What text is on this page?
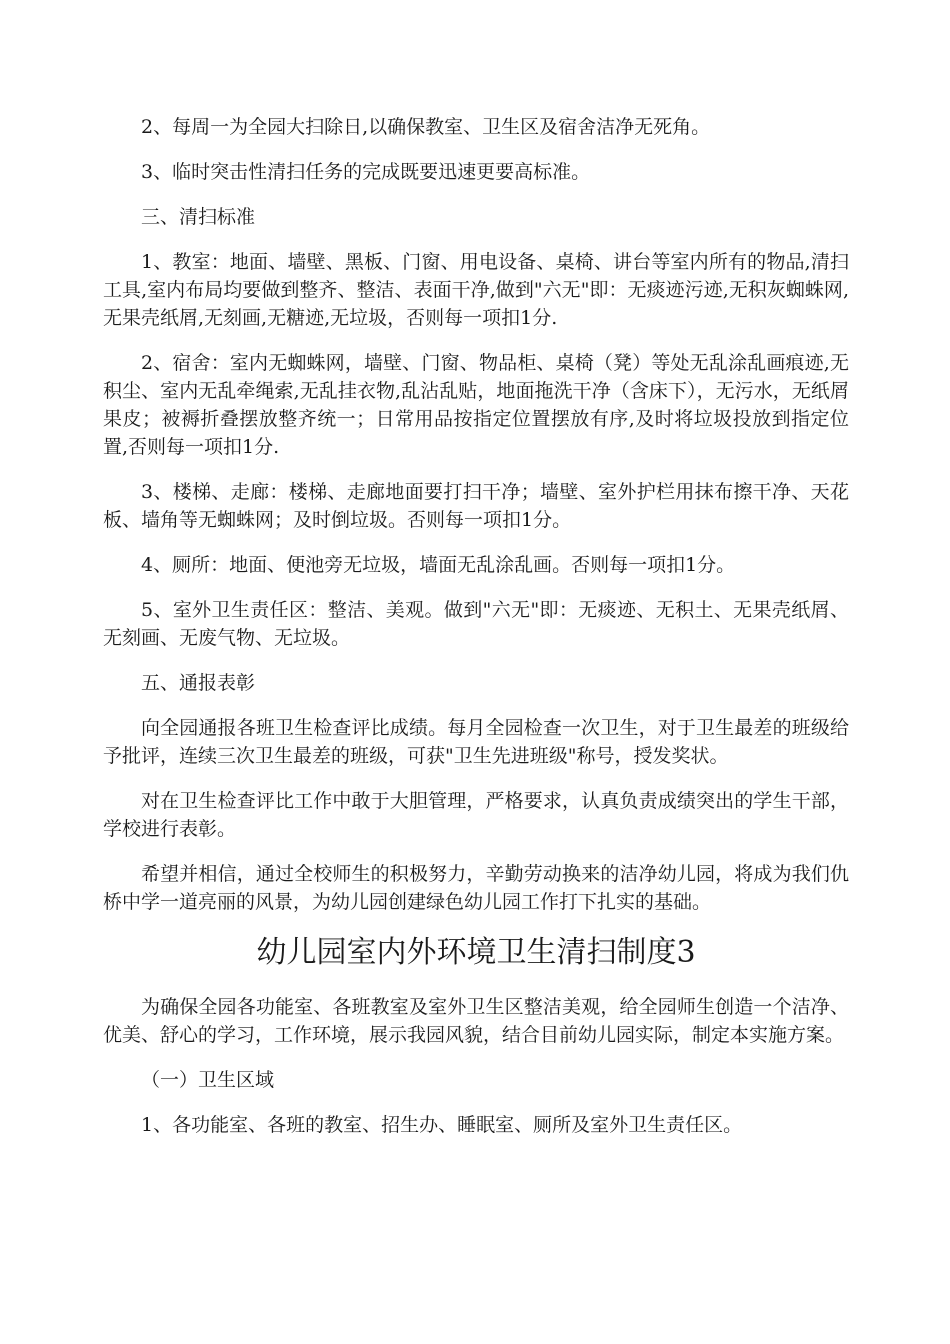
2、每周一为全园大扫除日,以确保教室、卫生区及宿舍洁净无死角。

3、临时突击性清扫任务的完成既要迅速更要高标准。

三、清扫标准

1、教室：地面、墙壁、黑板、门窗、用电设备、桌椅、讲台等室内所有的物品,清扫工具,室内布局均要做到整齐、整洁、表面干净,做到"六无"即：无痰迹污迹,无积灰蜘蛛网,无果壳纸屑,无刻画,无糖迹,无垃圾，否则每一项扣1分.

2、宿舍：室内无蜘蛛网，墙壁、门窗、物品柜、桌椅（凳）等处无乱涂乱画痕迹,无积尘、室内无乱牵绳索,无乱挂衣物,乱沾乱贴，地面拖洗干净（含床下），无污水，无纸屑果皮；被褥折叠摆放整齐统一；日常用品按指定位置摆放有序,及时将垃圾投放到指定位置,否则每一项扣1分.

3、楼梯、走廊：楼梯、走廊地面要打扫干净；墙壁、室外护栏用抹布擦干净、天花板、墙角等无蜘蛛网；及时倒垃圾。否则每一项扣1分。

4、厕所：地面、便池旁无垃圾，墙面无乱涂乱画。否则每一项扣1分。

5、室外卫生责任区：整洁、美观。做到"六无"即：无痰迹、无积土、无果壳纸屑、无刻画、无废气物、无垃圾。

五、通报表彰

向全园通报各班卫生检查评比成绩。每月全园检查一次卫生，对于卫生最差的班级给予批评，连续三次卫生最差的班级，可获"卫生先进班级"称号，授发奖状。

对在卫生检查评比工作中敢于大胆管理，严格要求，认真负责成绩突出的学生干部，学校进行表彰。

希望并相信，通过全校师生的积极努力，辛勤劳动换来的洁净幼儿园，将成为我们仇桥中学一道亮丽的风景，为幼儿园创建绿色幼儿园工作打下扎实的基础。

幼儿园室内外环境卫生清扫制度3

为确保全园各功能室、各班教室及室外卫生区整洁美观，给全园师生创造一个洁净、优美、舒心的学习，工作环境，展示我园风貌，结合目前幼儿园实际，制定本实施方案。

（一）卫生区域

1、各功能室、各班的教室、招生办、睡眠室、厕所及室外卫生责任区。
